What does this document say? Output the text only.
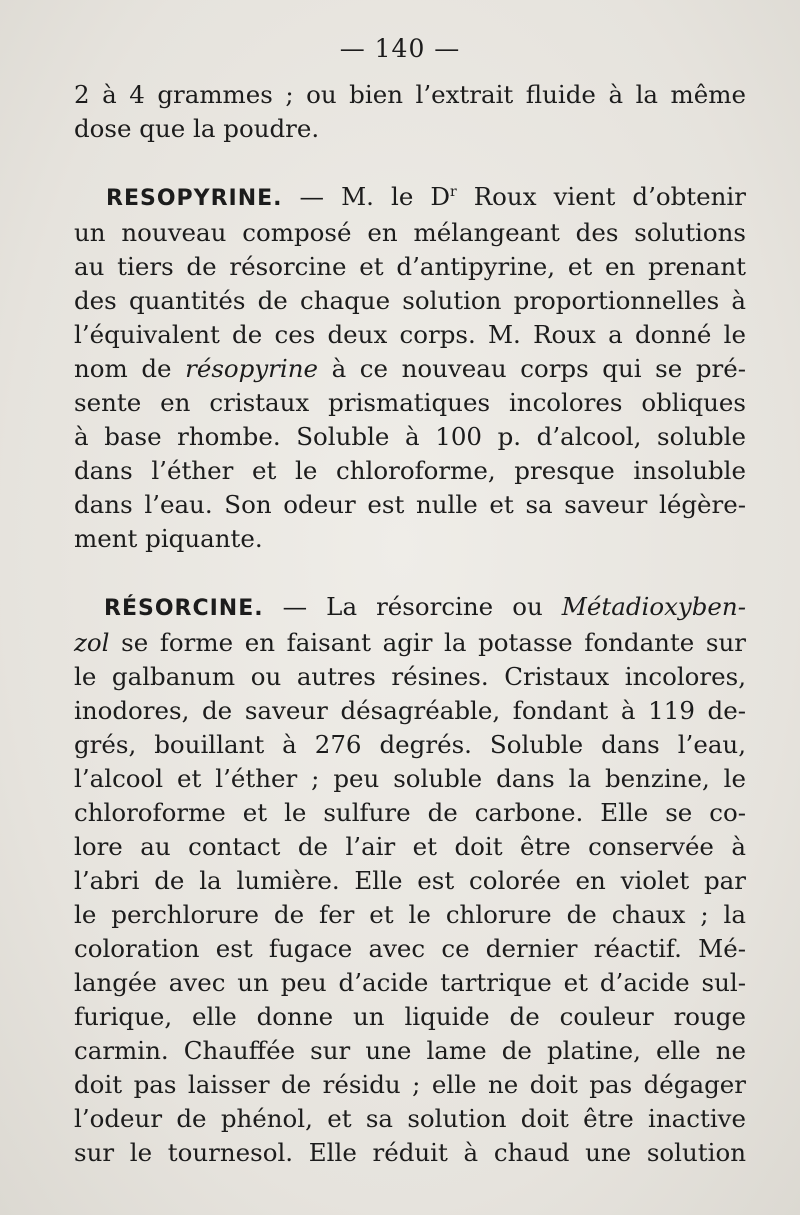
— 140 —

2 à 4 grammes ; ou bien l’extrait fluide à la même
dose que la poudre.

RESOPYRINE. — M. le $D^r$ Roux vient d’obtenir
un nouveau composé en mélangeant des solutions
au tiers de résorcine et d’antipyrine, et en prenant
des quantités de chaque solution proportionnelles à
l’équivalent de ces deux corps. M. Roux a donné le
nom de résopyrine à ce nouveau corps qui se pré-
sente en cristaux prismatiques incolores obliques
à base rhombe. Soluble à 100 p. d’alcool, soluble
dans l’éther et le chloroforme, presque insoluble
dans l’eau. Son odeur est nulle et sa saveur légère-
ment piquante.

RÉSORCINE. — La résorcine ou Métadioxyben-
zol se forme en faisant agir la potasse fondante sur
le galbanum ou autres résines. Cristaux incolores,
inodores, de saveur désagréable, fondant à 119 de-
grés, bouillant à 276 degrés. Soluble dans l’eau,
l’alcool et l’éther ; peu soluble dans la benzine, le
chloroforme et le sulfure de carbone. Elle se co-
lore au contact de l’air et doit être conservée à
l’abri de la lumière. Elle est colorée en violet par
le perchlorure de fer et le chlorure de chaux ; la
coloration est fugace avec ce dernier réactif. Mé-
langée avec un peu d’acide tartrique et d’acide sul-
furique, elle donne un liquide de couleur rouge
carmin. Chauffée sur une lame de platine, elle ne
doit pas laisser de résidu ; elle ne doit pas dégager
l’odeur de phénol, et sa solution doit être inactive
sur le tournesol. Elle réduit à chaud une solution
